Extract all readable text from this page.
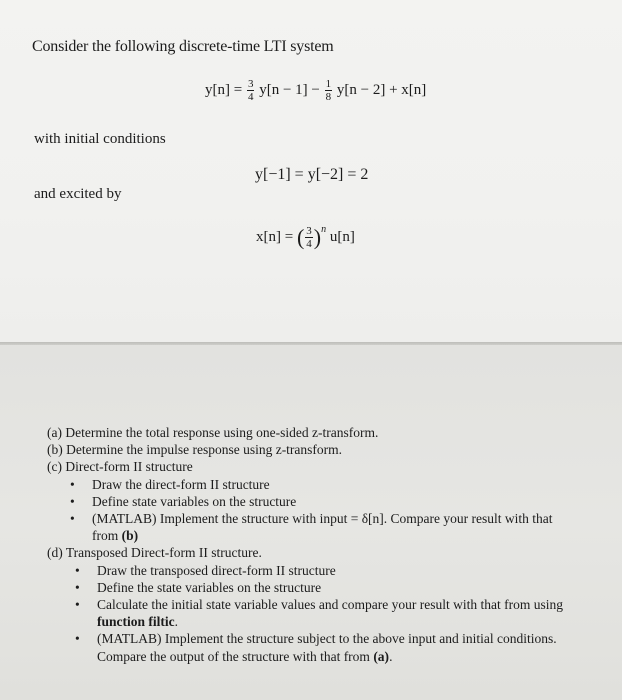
Consider the following discrete-time LTI system
$y[n] = \frac{3}{4} y[n - 1] - \frac{1}{8} y[n - 2] + x[n]$
with initial conditions
y[−1] = y[−2] = 2
and excited by
x[n] = ( $\frac{3}{4} )^n$ u[n]
(a) Determine the total response using one-sided z-transform.
(b) Determine the impulse response using z-transform.
(c) Direct-form II structure
• Draw the direct-form II structure
• Define state variables on the structure
• (MATLAB) Implement the structure with input = δ[n]. Compare your result with that
from (b)
(d) Transposed Direct-form II structure.
• Draw the transposed direct-form II structure
• Define the state variables on the structure
• Calculate the initial state variable values and compare your result with that from using
function filtic.
• (MATLAB) Implement the structure subject to the above input and initial conditions.
Compare the output of the structure with that from (a).
